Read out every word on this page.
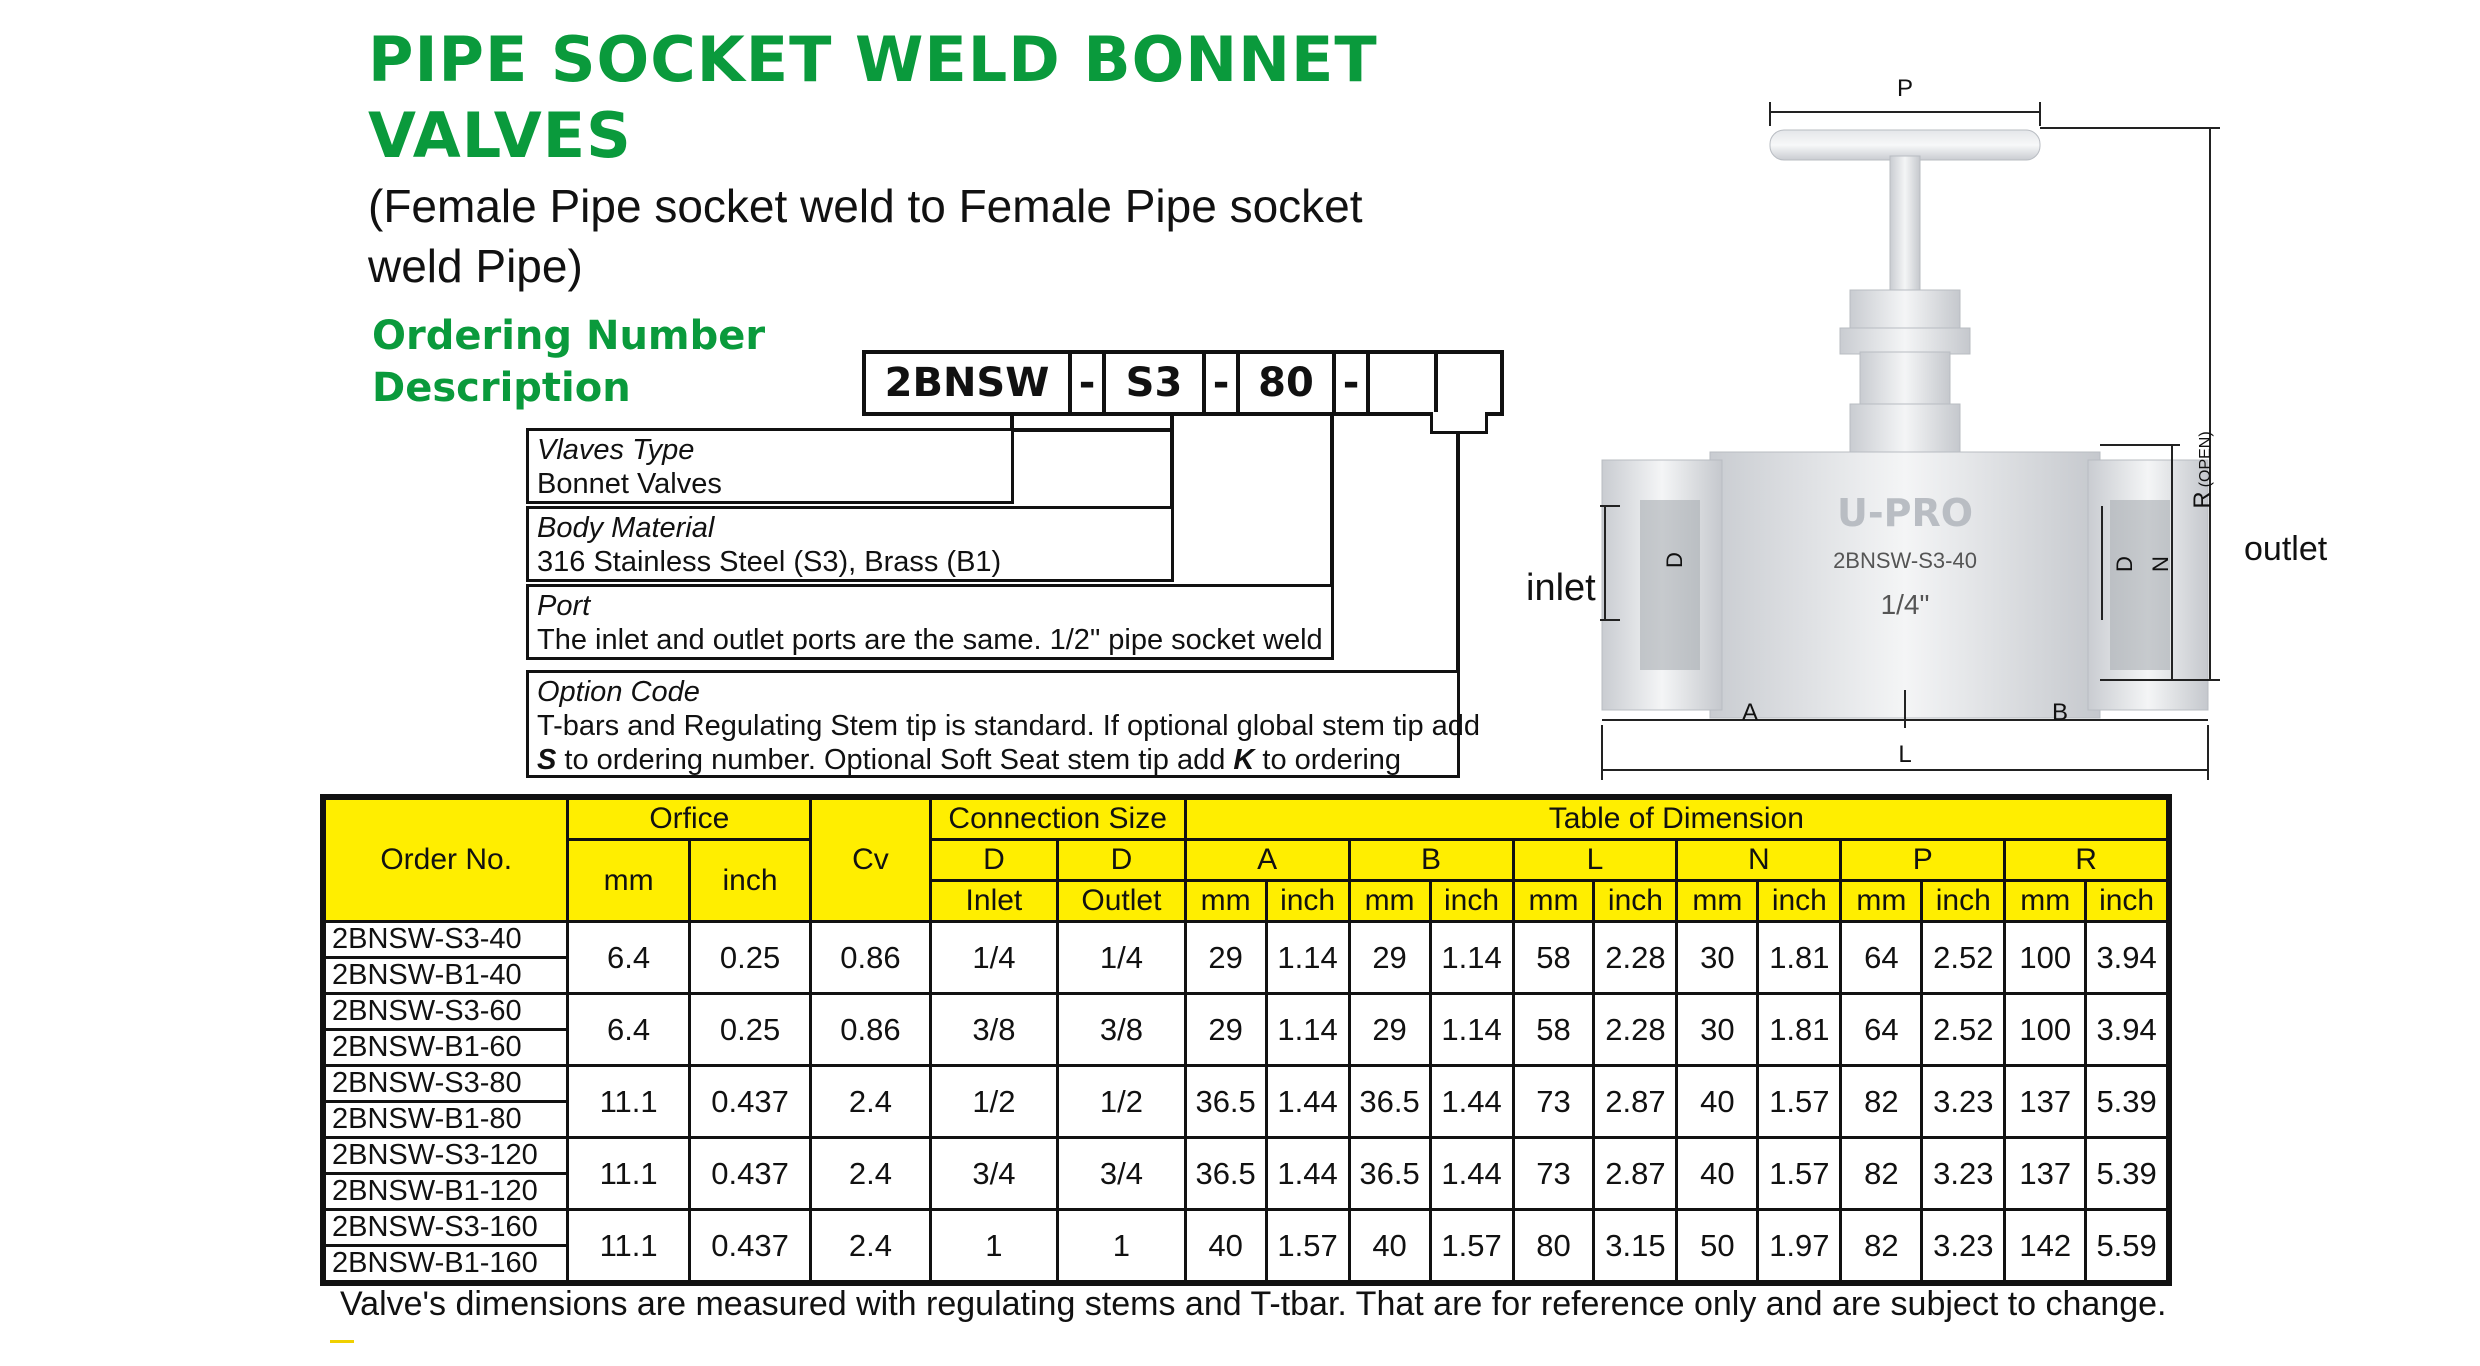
PIPE SOCKET WELD BONNET
VALVES
(Female Pipe socket weld to Female Pipe socket
weld Pipe)
Ordering Number
Description	2BNSW - S3 - 80 -
Vlaves Type
Bonnet Valves
Body Material
316 Stainless Steel (S3), Brass (B1)
Port
The inlet and outlet ports are the same. 1/2" pipe socket weld
Option Code
T-bars and Regulating Stem tip is standard. If optional global stem tip add
S to ordering number. Optional Soft Seat stem tip add K to ordering
U-PRO
2BNSW-S3-40
1/4"
P
A	B
L
R(OPEN)
D N
D
inlet
outlet
Order No.	Orfice		Cv	Connection Size		Table of Dimension											
	mm	inch		D	D	A		B		L		N		P		R	
				Inlet	Outlet	mm	inch	mm	inch	mm	inch	mm	inch	mm	inch	mm	inch
2BNSW-S3-40	6.4	0.25	0.86	1/4	1/4	29	1.14	29	1.14	58	2.28	30	1.81	64	2.52	100	3.94
2BNSW-B1-40																	
2BNSW-S3-60	6.4	0.25	0.86	3/8	3/8	29	1.14	29	1.14	58	2.28	30	1.81	64	2.52	100	3.94
2BNSW-B1-60																	
2BNSW-S3-80	11.1	0.437	2.4	1/2	1/2	36.5	1.44	36.5	1.44	73	2.87	40	1.57	82	3.23	137	5.39
2BNSW-B1-80																	
2BNSW-S3-120	11.1	0.437	2.4	3/4	3/4	36.5	1.44	36.5	1.44	73	2.87	40	1.57	82	3.23	137	5.39
2BNSW-B1-120																	
2BNSW-S3-160	11.1	0.437	2.4	1	1	40	1.57	40	1.57	80	3.15	50	1.97	82	3.23	142	5.59
2BNSW-B1-160																	
Valve's dimensions are measured with regulating stems and T-tbar. That are for reference only and are subject to change.
